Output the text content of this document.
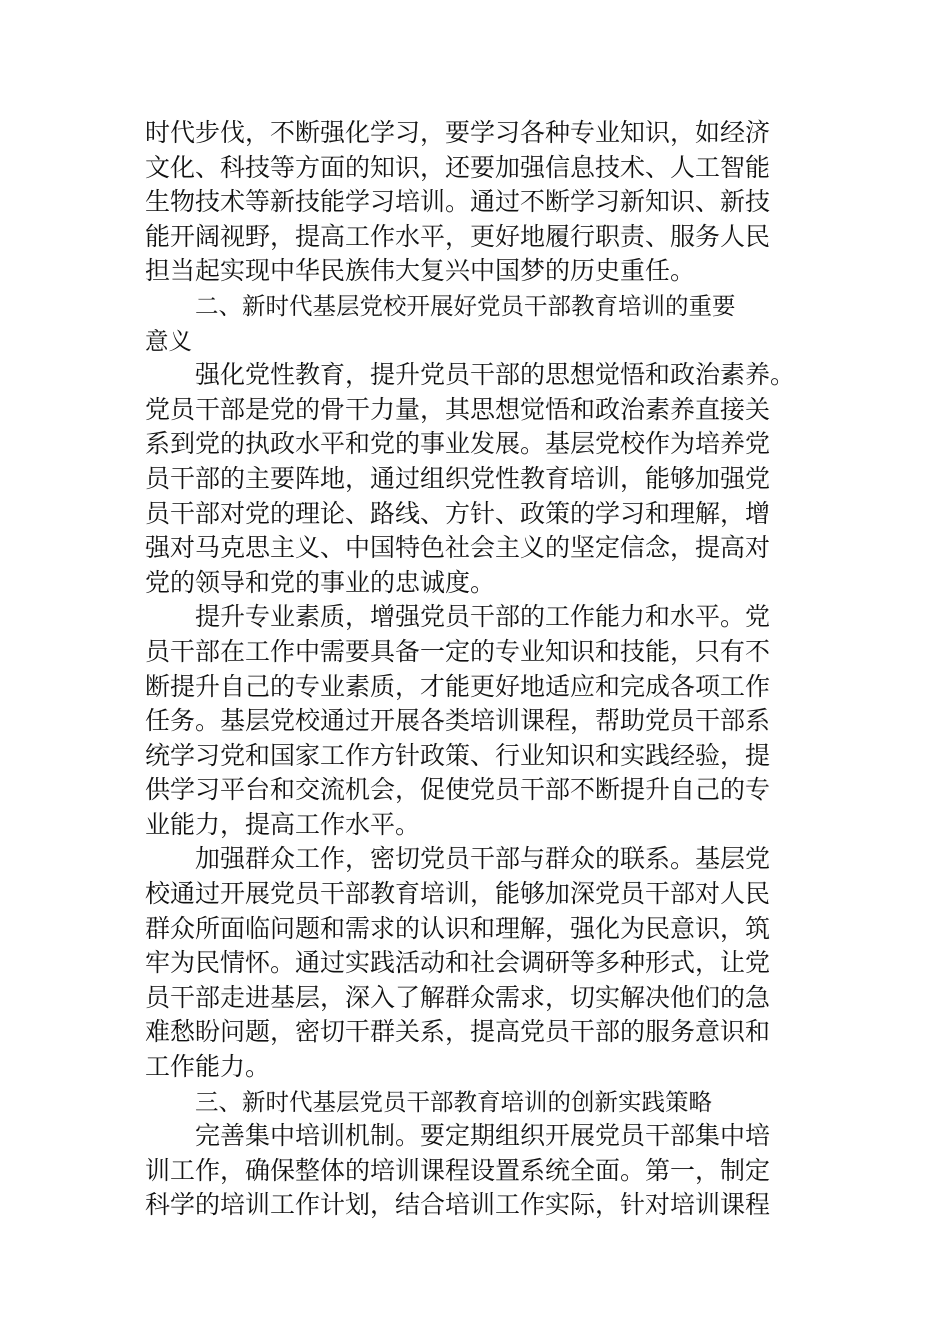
时代步伐，不断强化学习，要学习各种专业知识，如经济
文化、科技等方面的知识，还要加强信息技术、人工智能
生物技术等新技能学习培训。通过不断学习新知识、新技
能开阔视野，提高工作水平，更好地履行职责、服务人民
担当起实现中华民族伟大复兴中国梦的历史重任。
二、新时代基层党校开展好党员干部教育培训的重要
意义
强化党性教育，提升党员干部的思想觉悟和政治素养。
党员干部是党的骨干力量，其思想觉悟和政治素养直接关
系到党的执政水平和党的事业发展。基层党校作为培养党
员干部的主要阵地，通过组织党性教育培训，能够加强党
员干部对党的理论、路线、方针、政策的学习和理解，增
强对马克思主义、中国特色社会主义的坚定信念，提高对
党的领导和党的事业的忠诚度。
提升专业素质，增强党员干部的工作能力和水平。党
员干部在工作中需要具备一定的专业知识和技能，只有不
断提升自己的专业素质，才能更好地适应和完成各项工作
任务。基层党校通过开展各类培训课程，帮助党员干部系
统学习党和国家工作方针政策、行业知识和实践经验，提
供学习平台和交流机会，促使党员干部不断提升自己的专
业能力，提高工作水平。
加强群众工作，密切党员干部与群众的联系。基层党
校通过开展党员干部教育培训，能够加深党员干部对人民
群众所面临问题和需求的认识和理解，强化为民意识，筑
牢为民情怀。通过实践活动和社会调研等多种形式，让党
员干部走进基层，深入了解群众需求，切实解决他们的急
难愁盼问题，密切干群关系，提高党员干部的服务意识和
工作能力。
三、新时代基层党员干部教育培训的创新实践策略
完善集中培训机制。要定期组织开展党员干部集中培
训工作，确保整体的培训课程设置系统全面。第一，制定
科学的培训工作计划，结合培训工作实际，针对培训课程
